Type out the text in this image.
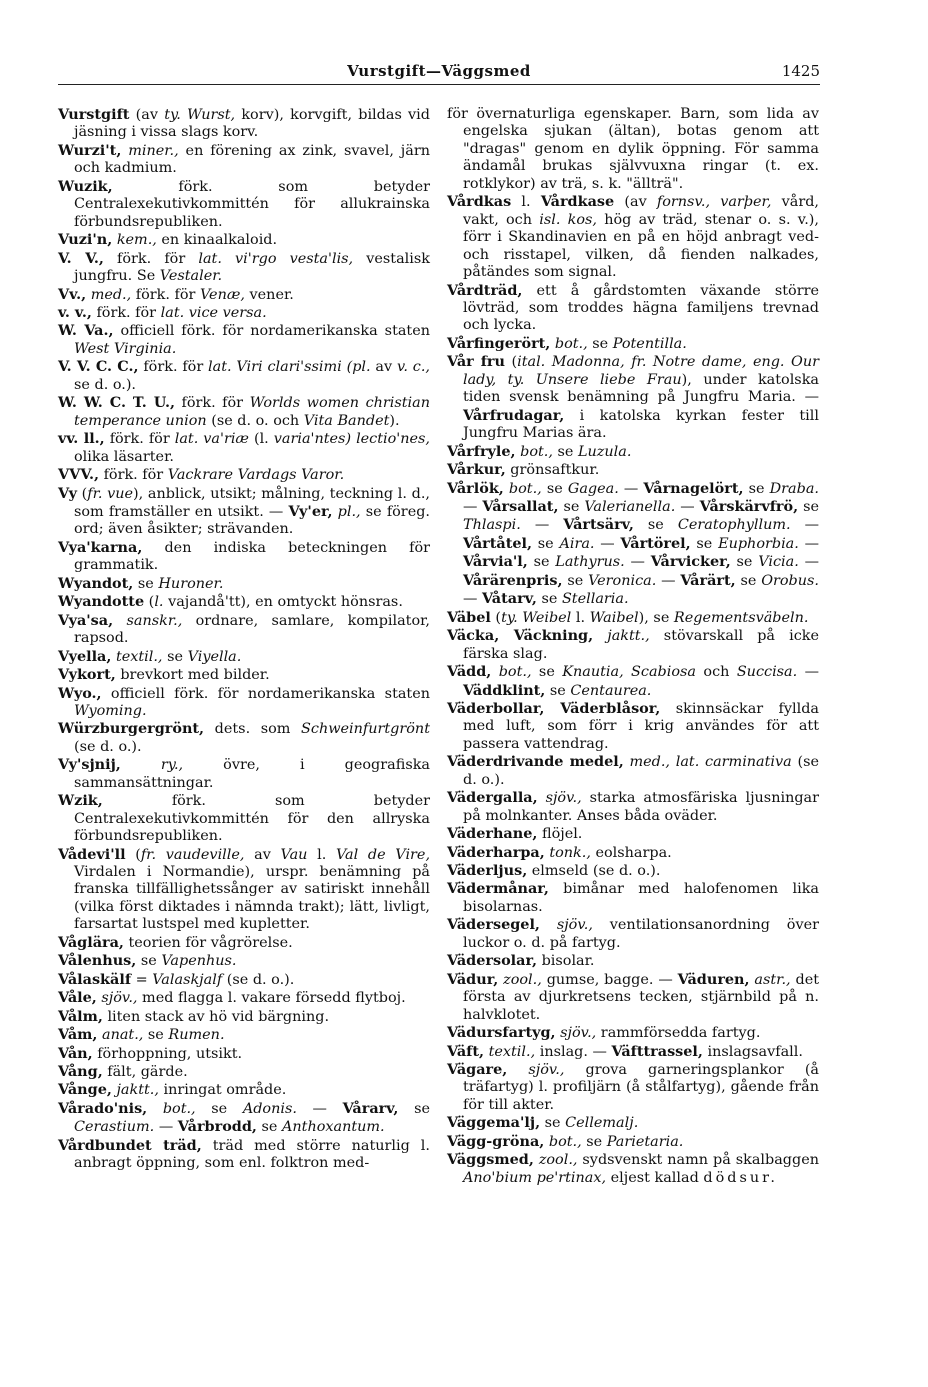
Vurstgift—Väggsmed	1425

Vurstgift (av ty. Wurst, korv), korvgift, bildas vid jäsning i vissa slags korv.

Wurzi't, miner., en förening ax zink, svavel, järn och kadmium.

Wuzik, förk. som betyder Centralexekutivkommittén för allukrainska förbundsrepubliken.

Vuzi'n, kem., en kinaalkaloid.

V. V., förk. för lat. vi'rgo vesta'lis, vestalisk jungfru. Se Vestaler.

Vv., med., förk. för Venæ, vener.

v. v., förk. för lat. vice versa.

W. Va., officiell förk. för nordamerikanska staten West Virginia.

V. V. C. C., förk. för lat. Viri clari'ssimi (pl. av v. c., se d. o.).

W. W. C. T. U., förk. för Worlds women christian temperance union (se d. o. och Vita Bandet).

vv. ll., förk. för lat. va'riæ (l. varia'ntes) lectio'nes, olika läsarter.

VVV., förk. för Vackrare Vardags Varor.

Vy (fr. vue), anblick, utsikt; målning, teckning l. d., som framställer en utsikt. — Vy'er, pl., se föreg. ord; även åsikter; strävanden.

Vya'karna, den indiska beteckningen för grammatik.

Wyandot, se Huroner.

Wyandotte (l. vajandå'tt), en omtyckt hönsras.

Vya'sa, sanskr., ordnare, samlare, kompilator, rapsod.

Vyella, textil., se Viyella.

Vykort, brevkort med bilder.

Wyo., officiell förk. för nordamerikanska staten Wyoming.

Würzburgergrönt, dets. som Schweinfurtgrönt (se d. o.).

Vy'sjnij,	ry., övre, i geografiska sammansättningar.

Wzik, förk. som betyder Centralexekutivkommittén för den allryska förbundsrepubliken.

Vådevi'll (fr. vaudeville, av Vau l. Val de Vire, Virdalen i Normandie), urspr. benämning på franska tillfällighetssånger av satiriskt innehåll (vilka först diktades i nämnda trakt); lätt, livligt, farsartat lustspel med kupletter.

Våglära, teorien för vågrörelse.

Vålenhus, se Vapenhus.

Vålaskälf = Valaskjalf (se d. o.).

Våle, sjöv., med flagga l. vakare försedd flytboj.

Vålm, liten stack av hö vid bärgning.

Våm, anat., se Rumen.

Vån, förhoppning, utsikt.

Vång, fält, gärde.

Vånge, jaktt., inringat område.

Vårado'nis, bot., se Adonis. — Vårarv, se Cerastium. — Vårbrodd, se Anthoxantum.

Vårdbundet träd, träd med större naturlig l. anbragt öppning, som enl. folktron med-

för övernaturliga egenskaper. Barn, som lida av engelska sjukan (ältan), botas genom att "dragas" genom en dylik öppning. För samma ändamål brukas självvuxna ringar (t. ex. rotklykor) av trä, s. k. "ällträ".

Vårdkas l. Vårdkase (av fornsv., varþer, vård, vakt, och isl. kos, hög av träd, stenar o. s. v.), förr i Skandinavien en på en höjd anbragt ved- och risstapel, vilken, då fienden nalkades, påtändes som signal.

Vårdträd, ett å gårdstomten växande större lövträd, som troddes hägna familjens trevnad och lycka.

Vårfingerört, bot., se Potentilla.

Vår fru (ital. Madonna, fr. Notre dame, eng. Our lady, ty. Unsere liebe Frau), under katolska tiden svensk benämning på Jungfru Maria. — Vårfrudagar, i katolska kyrkan fester till Jungfru Marias ära.

Vårfryle, bot., se Luzula.

Vårkur, grönsaftkur.

Vårlök, bot., se Gagea. — Vårnagelört, se Draba. — Vårsallat, se Valerianella. — Vårskärvfrö, se Thlaspi. — Vårtsärv, se Ceratophyllum. — Vårtåtel, se Aira. — Vårtörel, se Euphorbia. — Vårvia'l, se Lathyrus. — Vårvicker, se Vicia. — Vårärenpris, se Veronica. — Vårärt, se Orobus. — Våtarv, se Stellaria.

Väbel (ty. Weibel l. Waibel), se Regementsväbeln.

Väcka, Väckning, jaktt., stövarskall på icke färska slag.

Vädd, bot., se Knautia, Scabiosa och Succisa. — Väddklint, se Centaurea.

Väderbollar, Väderblåsor, skinnsäckar fyllda med luft, som förr i krig användes för att passera vattendrag.

Väderdrivande medel, med., lat. carminativa (se d. o.).

Vädergalla, sjöv., starka atmosfäriska ljusningar på molnkanter. Anses båda oväder.

Väderhane, flöjel.

Väderharpa, tonk., eolsharpa.

Väderljus, elmseld (se d. o.).

Vädermånar, bimånar med halofenomen lika bisolarnas.

Vädersegel, sjöv., ventilationsanordning över luckor o. d. på fartyg.

Vädersolar, bisolar.

Vädur, zool., gumse, bagge. — Väduren, astr., det första av djurkretsens tecken, stjärnbild på n. halvklotet.

Vädursfartyg, sjöv., rammförsedda fartyg.

Väft, textil., inslag. — Väfttrassel, inslagsavfall.

Vägare, sjöv., grova garneringsplankor (å träfartyg) l. profiljärn (å stålfartyg), gående från för till akter.

Väggema'lj, se Cellemalj.

Vägg-gröna, bot., se Parietaria.

Väggsmed, zool., sydsvenskt namn på skalbaggen Ano'bium pe'rtinax, eljest kallad dödsur.
